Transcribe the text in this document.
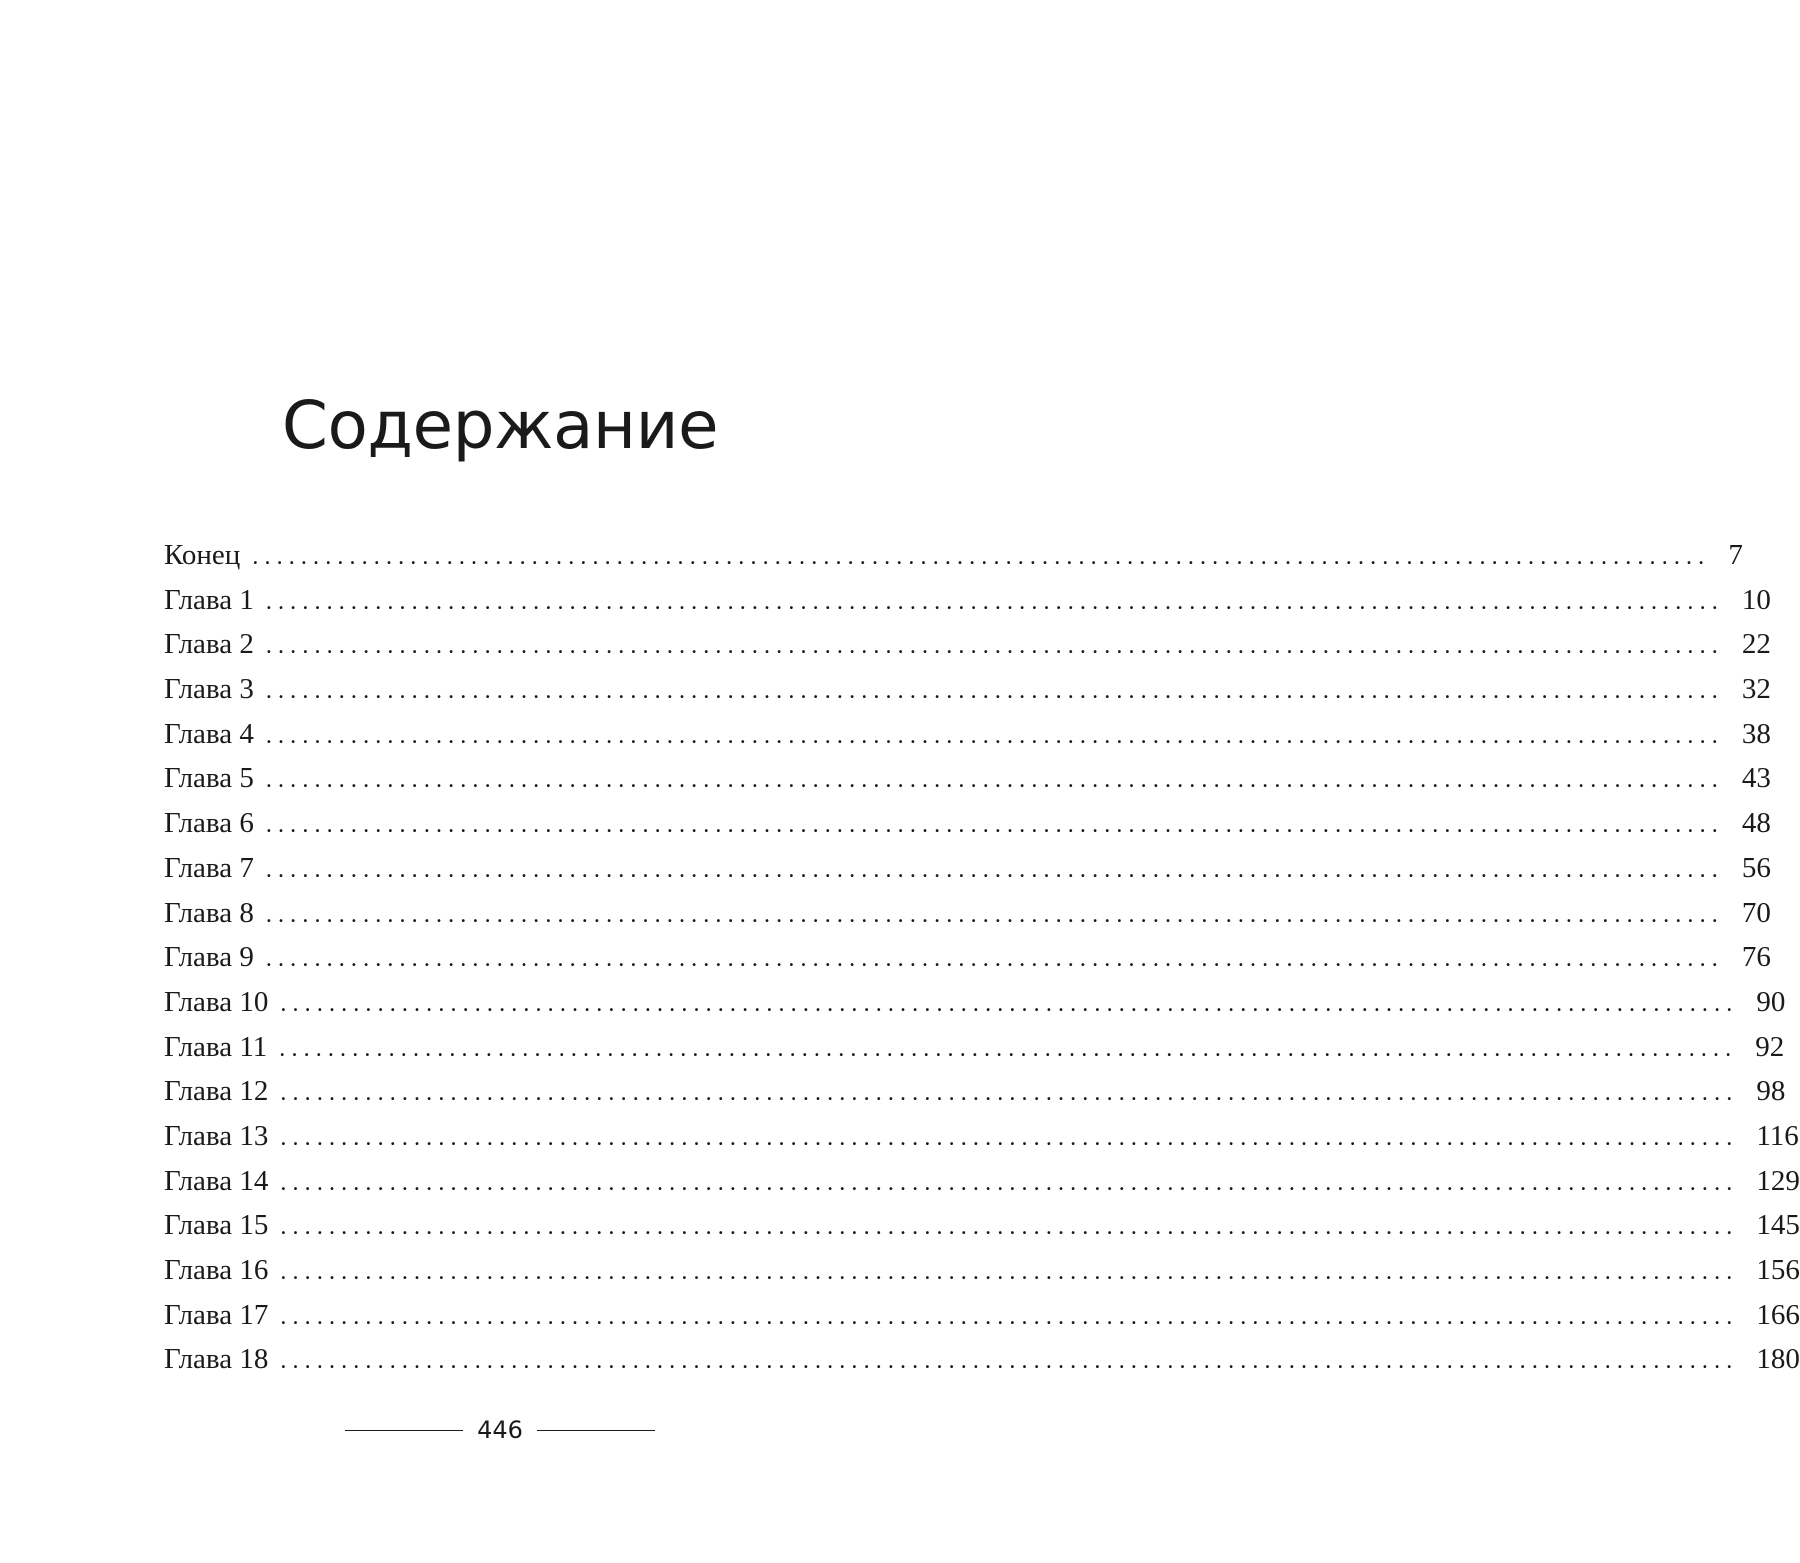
Содержание
Конец ........................................................................................................................ 7
Глава 1 ........................................................................................................................ 10
Глава 2 ........................................................................................................................ 22
Глава 3 ........................................................................................................................ 32
Глава 4 ........................................................................................................................ 38
Глава 5 ........................................................................................................................ 43
Глава 6 ........................................................................................................................ 48
Глава 7 ........................................................................................................................ 56
Глава 8 ........................................................................................................................ 70
Глава 9 ........................................................................................................................ 76
Глава 10 ........................................................................................................................ 90
Глава 11 ........................................................................................................................ 92
Глава 12 ........................................................................................................................ 98
Глава 13 ........................................................................................................................ 116
Глава 14 ........................................................................................................................ 129
Глава 15 ........................................................................................................................ 145
Глава 16 ........................................................................................................................ 156
Глава 17 ........................................................................................................................ 166
Глава 18 ........................................................................................................................ 180
446
